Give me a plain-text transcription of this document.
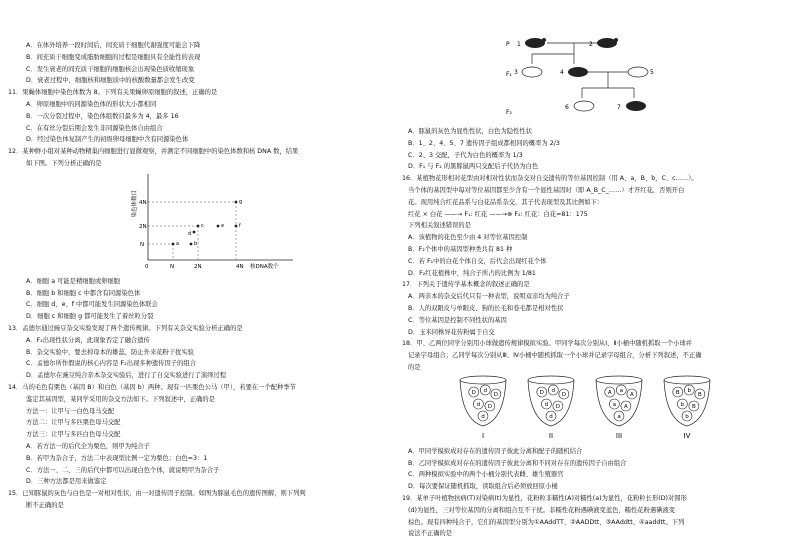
A．在体外培养一段时间后，间充质干细胞代谢强度可能会下降
B．间充质干细胞变成脂肪细胞的过程是细胞具有全能性的表现
C．发生衰老的间充质干细胞的细胞核会出现染色质收缩现象
D．衰老过程中，细胞核和细胞质中的核酸数量都会发生改变
11．果蝇体细胞中染色体数为 8。下列有关果蝇卵原细胞的叙述，正确的是
A．卵原细胞中的同源染色体的形状大小都相同
B．一次分裂过程中，染色体组数目最多为 4，最多 16
C．在有丝分裂后期会发生非同源染色体自由组合
D．经过染色体复制产生的初级卵母细胞中含有同源染色体
12．某种鲜小组对某种动物精巢内细胞进行显微观察，并测定不同细胞中的染色体数和核 DNA 数，结果
如下图。下列分析正确的是
染色体数目 4N
2N
N
0	N	2N	4N 核DNA数个
a	b
c
d
e	f
g
A．细胞 a 可能是精细胞或卵细胞
B．细胞 b 和细胞 c 中都含有同源染色体
C．细胞 d、e、f 中都可能发生同源染色体联会
D．细胞 c 和细胞 g 都可能发生了着丝粒分裂
13．孟德尔通过豌豆杂交实验发现了两个遗传规律。下列有关杂交实验分析正确的是
A．F₂出现性状分离，此现象否定了融合遗传
B．杂交实验中，要去掉母本的雄蕊，防止外来花粉干扰实验
C．孟德尔所作假说的核心内容是 F₂出现多种遗传因子的组合
D．孟德尔在豌豆纯合亲本杂交实验后，进行了自交实验进行了演绎过程
14．马的毛色有栗色（基因 B）和白色（基因 b）两种。现有一匹栗色公马（甲），若要在一个配种季节
鉴定其基因型，某同学采用的杂交方法如下。下列叙述中，正确的是
方法一：让甲与一白色母马交配
方法二：让甲与多匹栗色母马交配
方法三：让甲与多匹白色母马交配
A．若方法一的后代全为栗色，则甲为纯合子
B．若甲为杂合子，方法二中表现型比例一定为栗色：白色=3：1
C．方法一、二、三的后代中都可以出现白色个体，就说明甲为杂合子
D．三种方法都是用来做鉴定
15．已知豚鼠的灰色与白色是一对相对性状，由一对遗传因子控制。如图为豚鼠毛色的遗传图解，则下列判
断不正确的是
P
F₁
F₂
1	2
3	4	5
6	7
A．豚鼠的灰色为显性性状，白色为隐性性状
B．1、2、4、5、7 遗传因子组成都相同的概率为 2/3
C．2、3 交配，子代为白色的概率为 1/3
D．F₁ 与 F₂ 的黑豚鼠两只交配后子代仍为白色
16．某植物花形相对花型由对相对性状而杂交对自交遗传的等位基因控制（用 A、a，B、b，C、c……）。
当个体的基因型中每对等位基因都至少含有一个显性基因时（即 A_B_C_……）才开红花，否则开白
花。现用纯合红花品系与白花品系杂交，其子代表现型及其比例如下：
红花 × 白花 ——→ F₁: 红花 ——→⊗ F₂: 红花：白花=81：175
下列相关叙述错误的是
A．该植物的花色至少由 4 对等位基因控制
B．F₂个体中的基因型种类共有 81 种
C．若 F₁中的白花个体自交，后代会出现红花个体
D．F₂红花植株中，纯合子所占的比例为 1/81
17．下列关于遗传学基本概念的叙述正确的是
A．两亲本的杂交后代只有一种表型，说明双亲均为纯合子
B．人的双眼皮与单眼皮、狗的长毛和卷毛都是相对性状
C．等位基因是控制不同性状的基因
D．玉米同株异花传粉属于自交
18．甲、乙两位同学分别用小球做遗传规律模拟实验。甲同学每次分别从Ⅰ、Ⅱ小桶中随机抓取一个小球并
记录字母组合；乙同学每次分别从Ⅲ、Ⅳ小桶中随机抓取一个小球并记录字母组合，分析下列叙述，不正确
的是
D d
D
d D
d
I
D d
D
d D
d
II
A a
A
a A
a
III
B b
B
b B
b
IV
A．甲同学模拟成对存在的遗传因子彼此分离和配子的随机结合
B．乙同学模拟成对存在的遗传因子彼此分离和不同对存在的遗传因子自由组合
C．两种模拟实验中的两个小桶分别代表雌、雄生殖器官
D．每次要保证随机抓取，读取组合后必须放回原小桶
19．某单子叶植物抗病(T)对染病(t)为显性，花粉粒非糯性(A)对糯性(a)为显性，花粉粒长形(D)对圆形
(d)为显性，三对等位基因的分离和组合互不干扰。非糯性花粉遇碘液变蓝色，糯性花粉遇碘液变
棕色。现有四种纯合子，它们的基因型分别为①AAddTT、②AADDtt、③AAddtt、④aaddtt。下列
说法不正确的是
